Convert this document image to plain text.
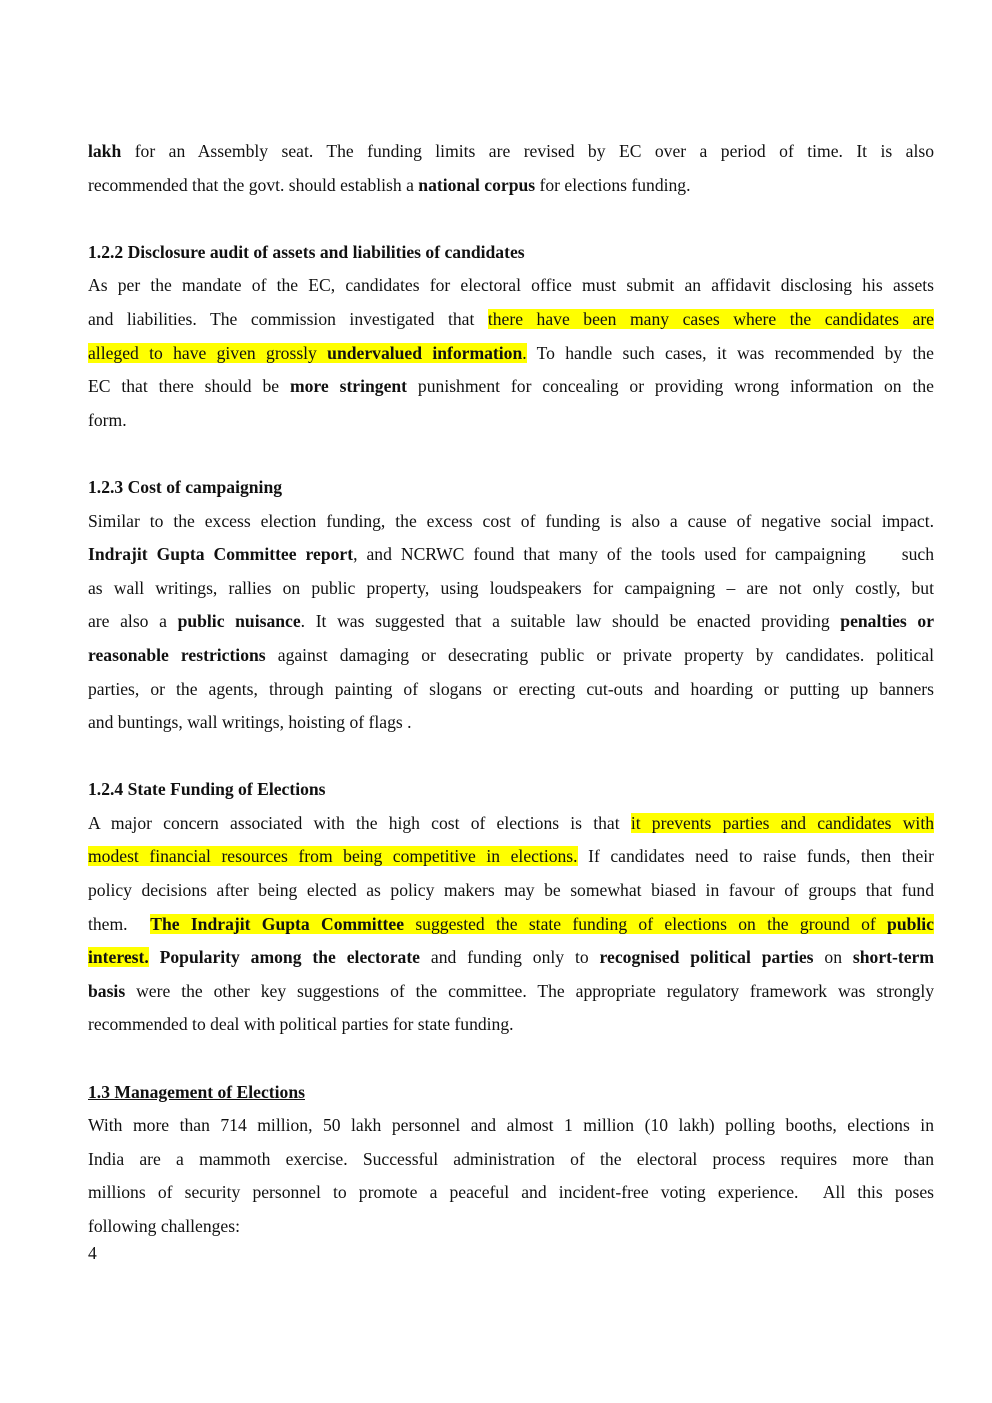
lakh for an Assembly seat. The funding limits are revised by EC over a period of time. It is also
recommended that the govt. should establish a national corpus for elections funding.
1.2.2 Disclosure audit of assets and liabilities of candidates
As per the mandate of the EC, candidates for electoral office must submit an affidavit disclosing his assets
and liabilities. The commission investigated that there have been many cases where the candidates are
alleged to have given grossly undervalued information. To handle such cases, it was recommended by the
EC that there should be more stringent punishment for concealing or providing wrong information on the
form.
1.2.3 Cost of campaigning
Similar to the excess election funding, the excess cost of funding is also a cause of negative social impact.
Indrajit Gupta Committee report, and NCRWC found that many of the tools used for campaigning    such
as wall writings, rallies on public property, using loudspeakers for campaigning – are not only costly, but
are also a public nuisance. It was suggested that a suitable law should be enacted providing penalties or
reasonable restrictions against damaging or desecrating public or private property by candidates. political
parties, or the agents, through painting of slogans or erecting cut-outs and hoarding or putting up banners
and buntings, wall writings, hoisting of flags .
1.2.4 State Funding of Elections
A major concern associated with the high cost of elections is that it prevents parties and candidates with
modest financial resources from being competitive in elections. If candidates need to raise funds, then their
policy decisions after being elected as policy makers may be somewhat biased in favour of groups that fund
them.  The Indrajit Gupta Committee suggested the state funding of elections on the ground of public
interest. Popularity among the electorate and funding only to recognised political parties on short-term
basis were the other key suggestions of the committee. The appropriate regulatory framework was strongly
recommended to deal with political parties for state funding.
1.3 Management of Elections
With more than 714 million, 50 lakh personnel and almost 1 million (10 lakh) polling booths, elections in
India are a mammoth exercise. Successful administration of the electoral process requires more than
millions of security personnel to promote a peaceful and incident-free voting experience.  All this poses
following challenges:
4
